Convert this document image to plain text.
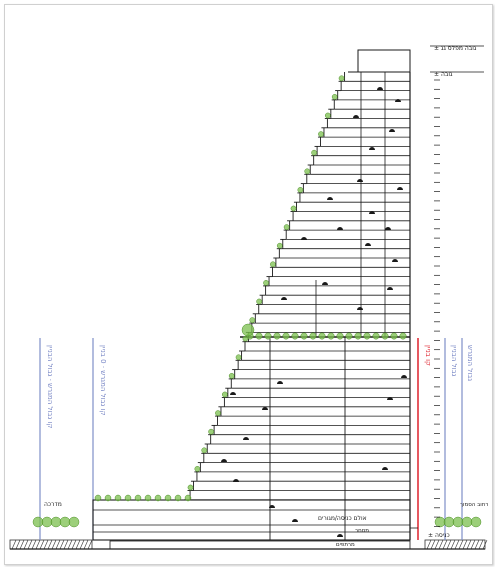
קו גבול המגרש · גבול הבניין	קו גבול המגרש · 0 בניין
קו בניין	גבול הבניין גבול המגרש
± גובה מפלס גג
± גובה
± כניסה
אולם כניסה/מגורים
מסחר
מרתפים
מדרכה	רחוב הסמוך
